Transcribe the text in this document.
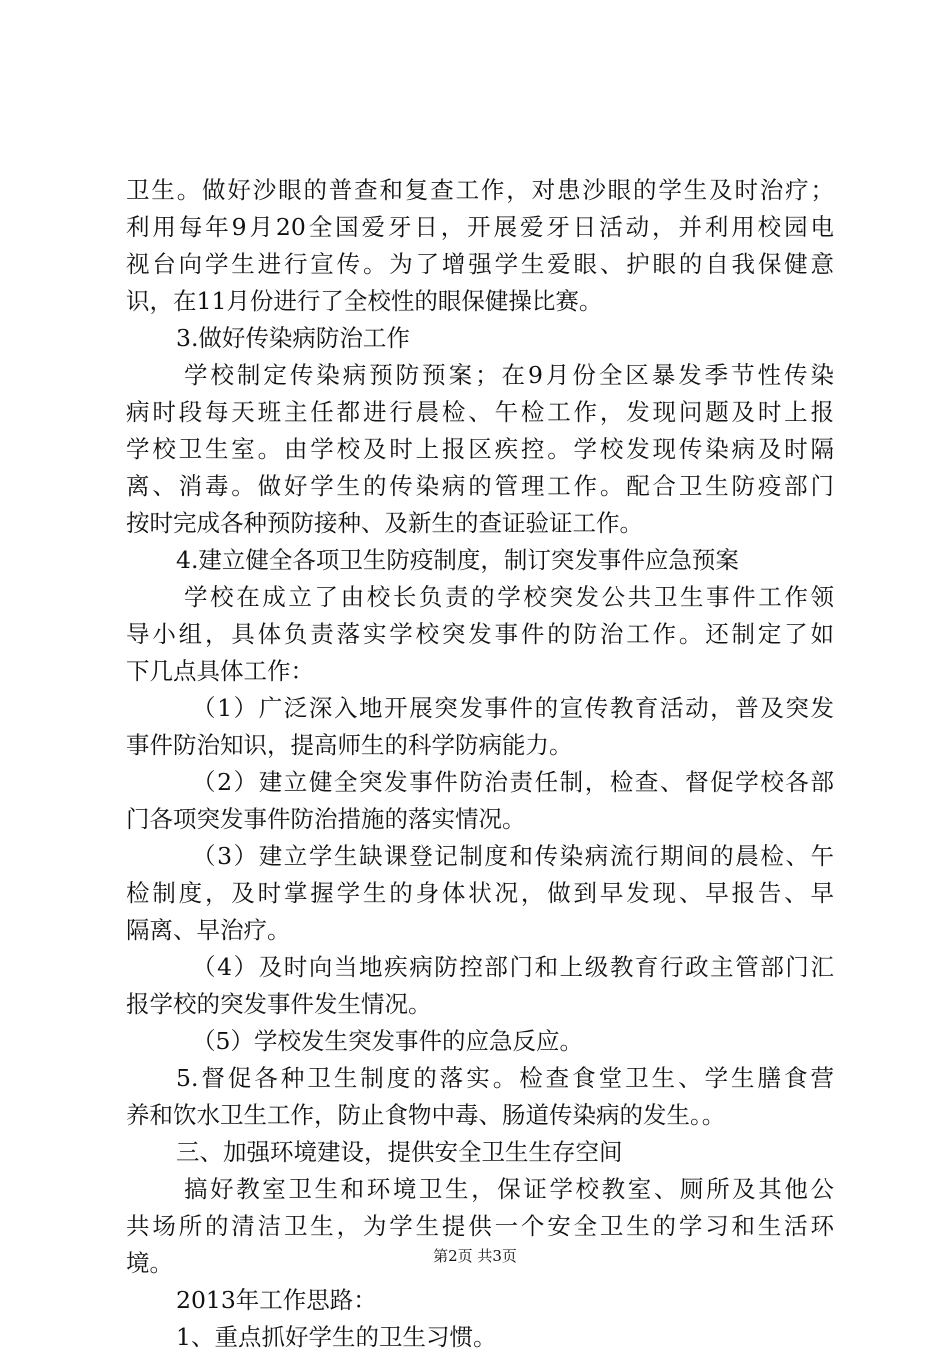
卫生。做好沙眼的普查和复查工作，对患沙眼的学生及时治疗；
利用每年9月20全国爱牙日，开展爱牙日活动，并利用校园电
视台向学生进行宣传。为了增强学生爱眼、护眼的自我保健意
识，在11月份进行了全校性的眼保健操比赛。
3.做好传染病防治工作
学校制定传染病预防预案；在9月份全区暴发季节性传染
病时段每天班主任都进行晨检、午检工作，发现问题及时上报
学校卫生室。由学校及时上报区疾控。学校发现传染病及时隔
离、消毒。做好学生的传染病的管理工作。配合卫生防疫部门
按时完成各种预防接种、及新生的查证验证工作。
4.建立健全各项卫生防疫制度，制订突发事件应急预案
学校在成立了由校长负责的学校突发公共卫生事件工作领
导小组，具体负责落实学校突发事件的防治工作。还制定了如
下几点具体工作：
（1）广泛深入地开展突发事件的宣传教育活动，普及突发
事件防治知识，提高师生的科学防病能力。
（2）建立健全突发事件防治责任制，检查、督促学校各部
门各项突发事件防治措施的落实情况。
（3）建立学生缺课登记制度和传染病流行期间的晨检、午
检制度，及时掌握学生的身体状况，做到早发现、早报告、早
隔离、早治疗。
（4）及时向当地疾病防控部门和上级教育行政主管部门汇
报学校的突发事件发生情况。
（5）学校发生突发事件的应急反应。
5.督促各种卫生制度的落实。检查食堂卫生、学生膳食营
养和饮水卫生工作，防止食物中毒、肠道传染病的发生。。
三、加强环境建设，提供安全卫生生存空间
搞好教室卫生和环境卫生，保证学校教室、厕所及其他公
共场所的清洁卫生，为学生提供一个安全卫生的学习和生活环
境。
2013年工作思路：
1、重点抓好学生的卫生习惯。
第2页 共3页
